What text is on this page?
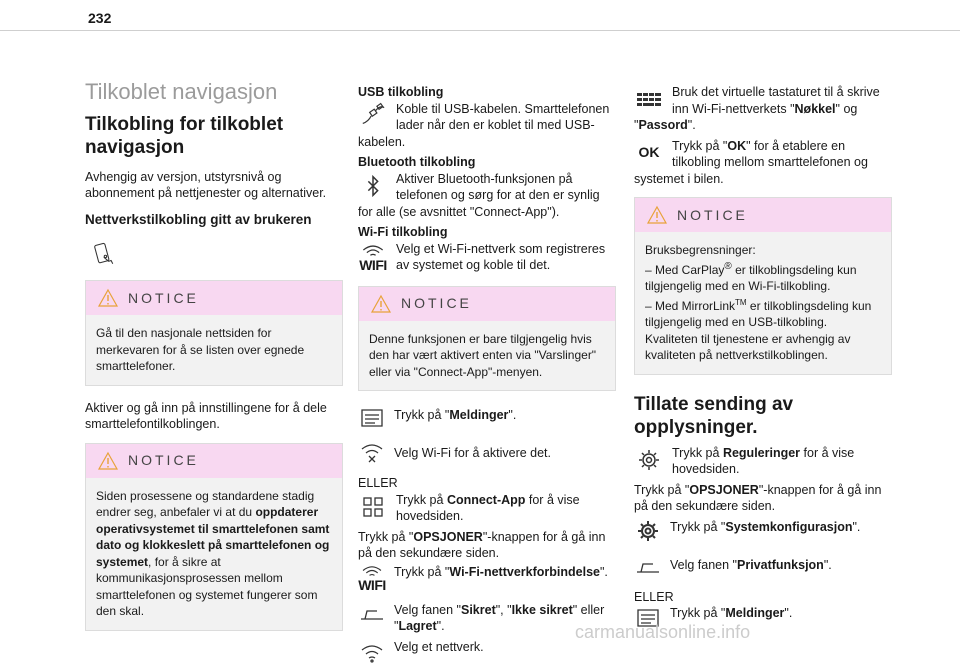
232
Tilkoblet navigasjon
Tilkobling for tilkoblet navigasjon
Avhengig av versjon, utstyrsnivå og abonnement på nettjenester og alternativer.
Nettverkstilkobling gitt av brukeren
NOTICE
Gå til den nasjonale nettsiden for merkevaren for å se listen over egnede smarttelefoner.
Aktiver og gå inn på innstillingene for å dele smarttelefontilkoblingen.
NOTICE
Siden prosessene og standardene stadig endrer seg, anbefaler vi at du oppdaterer operativsystemet til smarttelefonen samt dato og klokkeslett på smarttelefonen og systemet, for å sikre at kommunikasjonsprosessen mellom smarttelefonen og systemet fungerer som den skal.
USB tilkobling
Koble til USB-kabelen. Smarttelefonen lader når den er koblet til med USB-kabelen.
Bluetooth tilkobling
Aktiver Bluetooth-funksjonen på telefonen og sørg for at den er synlig for alle (se avsnittet "Connect-App").
Wi-Fi tilkobling
WIFI
Velg et Wi-Fi-nettverk som registreres av systemet og koble til det.
NOTICE
Denne funksjonen er bare tilgjengelig hvis den har vært aktivert enten via "Varslinger" eller via "Connect-App"-menyen.
Trykk på "Meldinger".
Velg Wi-Fi for å aktivere det.
ELLER
Trykk på Connect-App for å vise hovedsiden.
Trykk på "OPSJONER"-knappen for å gå inn på den sekundære siden.
WIFI
Trykk på "Wi-Fi-nettverkforbindelse".
Velg fanen "Sikret", "Ikke sikret" eller "Lagret".
Velg et nettverk.
Bruk det virtuelle tastaturet til å skrive inn Wi-Fi-nettverkets "Nøkkel" og "Passord".
OK Trykk på "OK" for å etablere en tilkobling mellom smarttelefonen og systemet i bilen.
NOTICE
Bruksbegrensninger:
– Med CarPlay® er tilkoblingsdeling kun tilgjengelig med en Wi-Fi-tilkobling.
– Med MirrorLink™ er tilkoblingsdeling kun tilgjengelig med en USB-tilkobling.
Kvaliteten til tjenestene er avhengig av kvaliteten på nettverkstilkoblingen.
Tillate sending av opplysninger.
Trykk på Reguleringer for å vise hovedsiden.
Trykk på "OPSJONER"-knappen for å gå inn på den sekundære siden.
Trykk på "Systemkonfigurasjon".
Velg fanen "Privatfunksjon".
ELLER
Trykk på "Meldinger".
carmanualsonline.info
